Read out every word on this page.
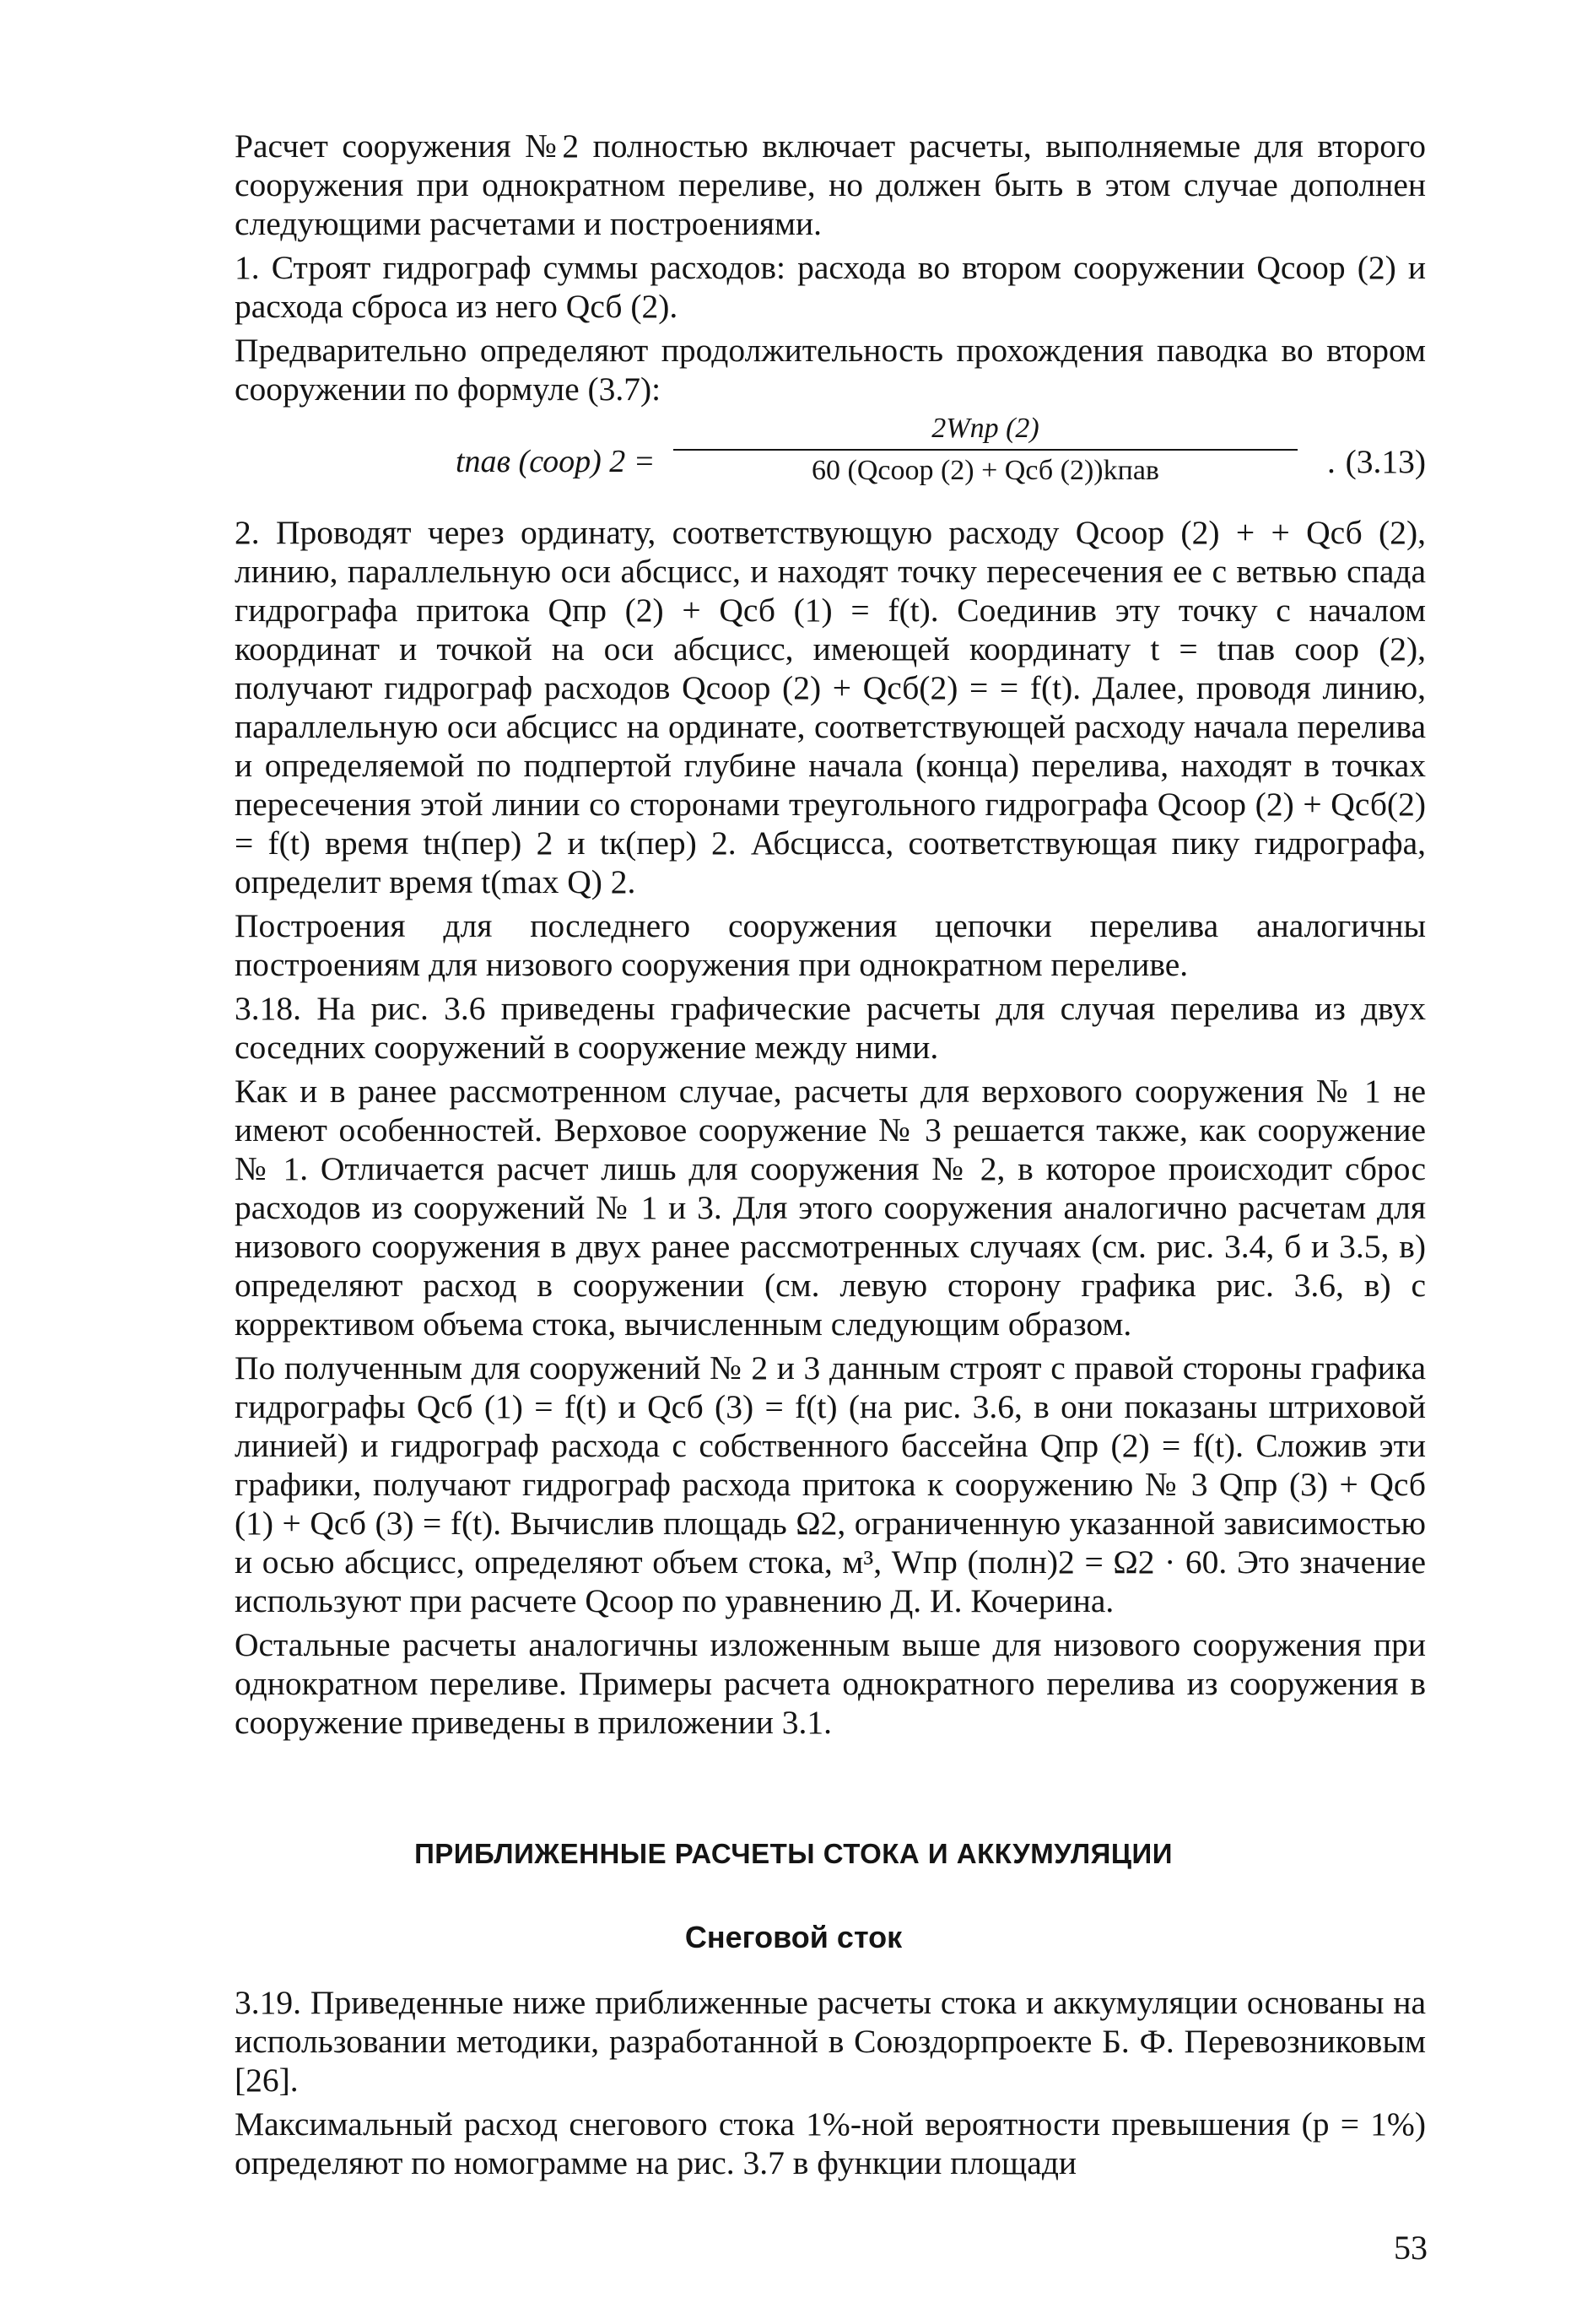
Расчет сооружения №2 полностью включает расчеты, выполняемые для второго сооружения при однократном переливе, но должен быть в этом случае дополнен следующими расчетами и построениями.

1. Строят гидрограф суммы расходов: расхода во втором сооружении Qсоор (2) и расхода сброса из него Qсб (2).

Предварительно определяют продолжительность прохождения паводка во втором сооружении по формуле (3.7):

tпав (соор) 2 =
2Wпр (2)
60 (Qсоор (2) + Qсб (2))kпав	. (3.13)

2. Проводят через ординату, соответствующую расходу Qсоор (2) + + Qсб (2), линию, параллельную оси абсцисс, и находят точку пересечения ее с ветвью спада гидрографа притока Qпр (2) + Qсб (1) = f(t). Соединив эту точку с началом координат и точкой на оси абсцисс, имеющей координату t = tпав соор (2), получают гидрограф расходов Qсоор (2) + Qсб(2) = = f(t). Далее, проводя линию, параллельную оси абсцисс на ординате, соответствующей расходу начала перелива и определяемой по подпертой глубине начала (конца) перелива, находят в точках пересечения этой линии со сторонами треугольного гидрографа Qсоор (2) + Qсб(2) = f(t) время tн(пер) 2 и tк(пер) 2. Абсцисса, соответствующая пику гидрографа, определит время t(max Q) 2.

Построения для последнего сооружения цепочки перелива аналогичны построениям для низового сооружения при однократном переливе.

3.18. На рис. 3.6 приведены графические расчеты для случая перелива из двух соседних сооружений в сооружение между ними.

Как и в ранее рассмотренном случае, расчеты для верхового сооружения № 1 не имеют особенностей. Верховое сооружение № 3 решается также, как сооружение № 1. Отличается расчет лишь для сооружения № 2, в которое происходит сброс расходов из сооружений № 1 и 3. Для этого сооружения аналогично расчетам для низового сооружения в двух ранее рассмотренных случаях (см. рис. 3.4, б и 3.5, в) определяют расход в сооружении (см. левую сторону графика рис. 3.6, в) с коррективом объема стока, вычисленным следующим образом.

По полученным для сооружений № 2 и 3 данным строят с правой стороны графика гидрографы Qсб (1) = f(t) и Qсб (3) = f(t) (на рис. 3.6, в они показаны штриховой линией) и гидрограф расхода с собственного бассейна Qпр (2) = f(t). Сложив эти графики, получают гидрограф расхода притока к сооружению № 3 Qпр (3) + Qсб (1) + Qсб (3) = f(t). Вычислив площадь Ω2, ограниченную указанной зависимостью и осью абсцисс, определяют объем стока, м³, Wпр (полн)2 = Ω2 · 60. Это значение используют при расчете Qсоор по уравнению Д. И. Кочерина.

Остальные расчеты аналогичны изложенным выше для низового сооружения при однократном переливе. Примеры расчета однократного перелива из сооружения в сооружение приведены в приложении 3.1.

ПРИБЛИЖЕННЫЕ РАСЧЕТЫ СТОКА И АККУМУЛЯЦИИ
Снеговой сток

3.19. Приведенные ниже приближенные расчеты стока и аккумуляции основаны на использовании методики, разработанной в Союздорпроекте Б. Ф. Перевозниковым [26].

Максимальный расход снегового стока 1%-ной вероятности превышения (p = 1%) определяют по номограмме на рис. 3.7 в функции площади

53
